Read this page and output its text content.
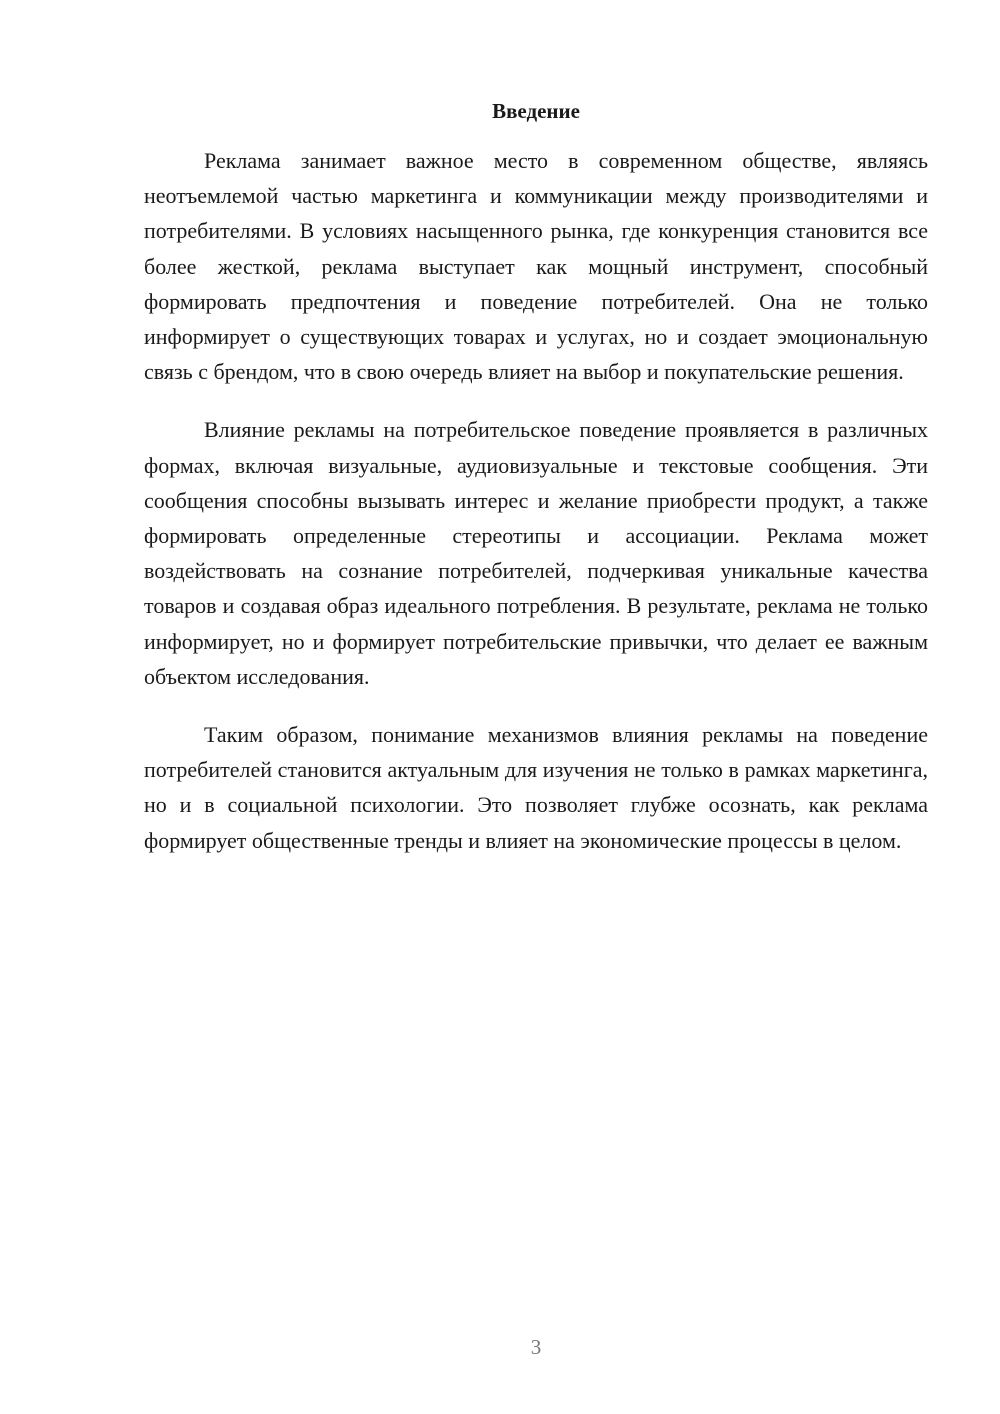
Введение

Реклама занимает важное место в современном обществе, являясь неотъемлемой частью маркетинга и коммуникации между производителями и потребителями. В условиях насыщенного рынка, где конкуренция становится все более жесткой, реклама выступает как мощный инструмент, способный формировать предпочтения и поведение потребителей. Она не только информирует о существующих товарах и услугах, но и создает эмоциональную связь с брендом, что в свою очередь влияет на выбор и покупательские решения.

Влияние рекламы на потребительское поведение проявляется в различных формах, включая визуальные, аудиовизуальные и текстовые сообщения. Эти сообщения способны вызывать интерес и желание приобрести продукт, а также формировать определенные стереотипы и ассоциации. Реклама может воздействовать на сознание потребителей, подчеркивая уникальные качества товаров и создавая образ идеального потребления. В результате, реклама не только информирует, но и формирует потребительские привычки, что делает ее важным объектом исследования.

Таким образом, понимание механизмов влияния рекламы на поведение потребителей становится актуальным для изучения не только в рамках маркетинга, но и в социальной психологии. Это позволяет глубже осознать, как реклама формирует общественные тренды и влияет на экономические процессы в целом.

3
